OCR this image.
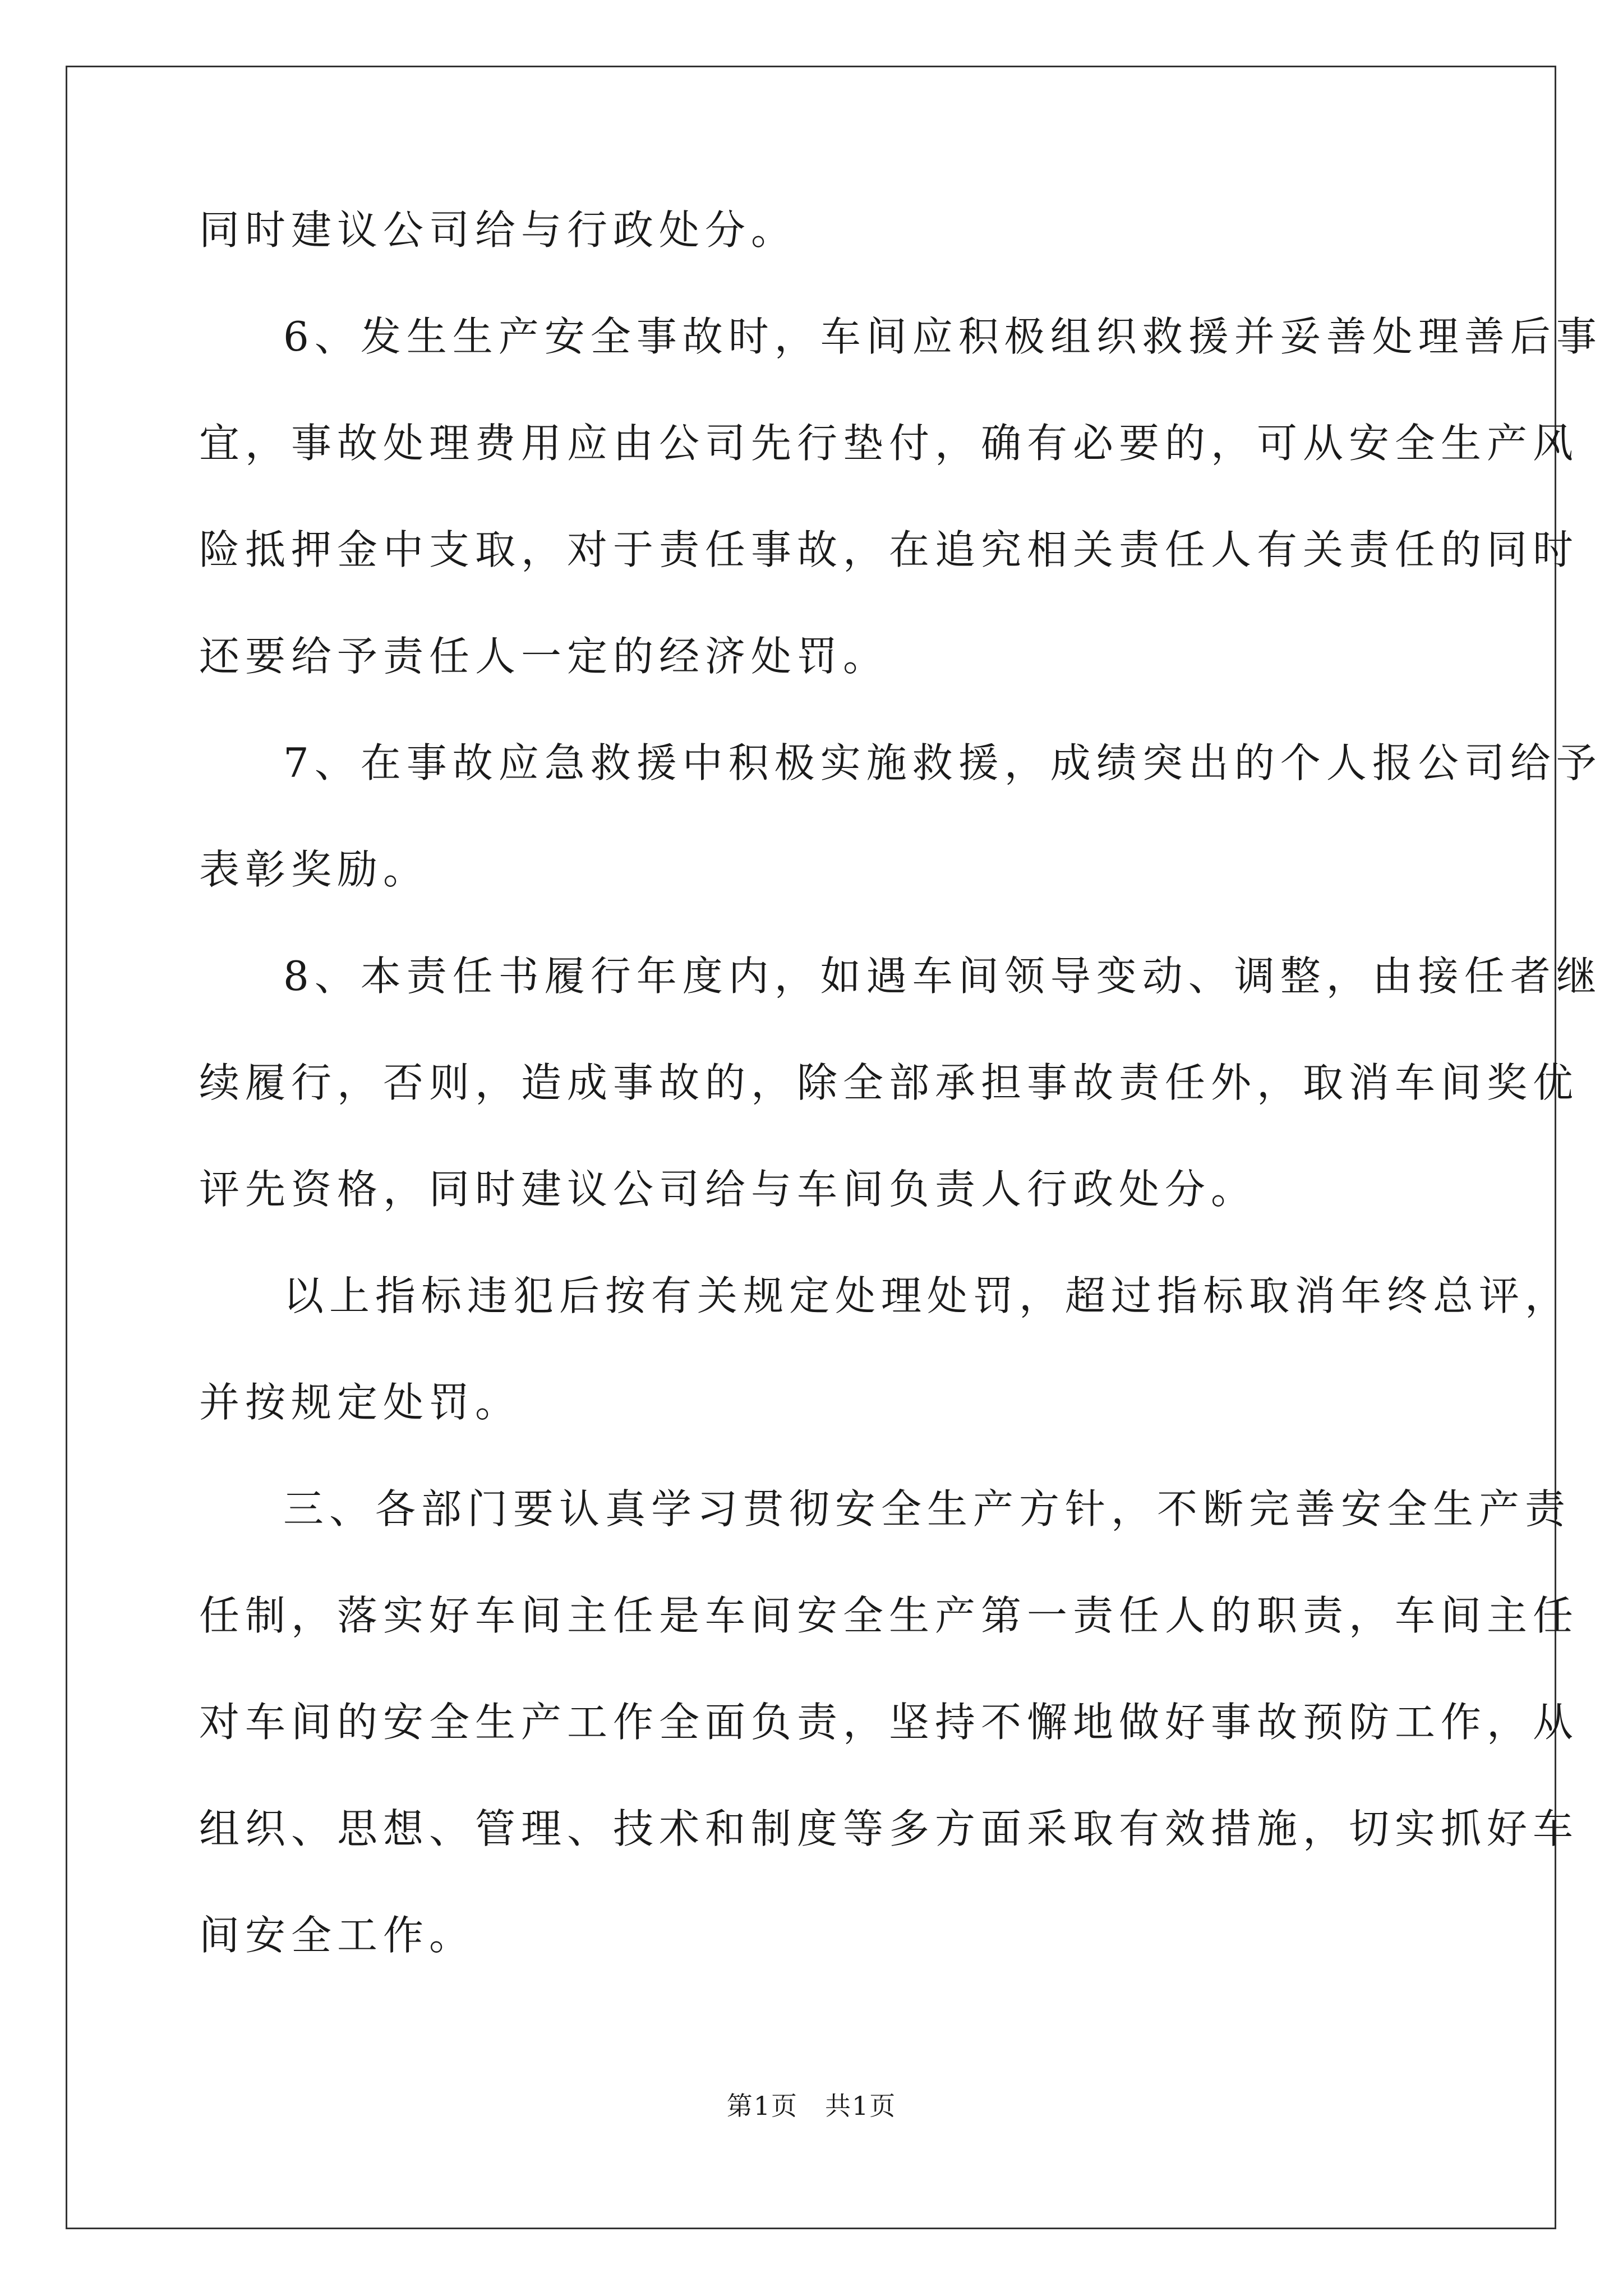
同时建议公司给与行政处分。
6、发生生产安全事故时，车间应积极组织救援并妥善处理善后事
宜，事故处理费用应由公司先行垫付，确有必要的，可从安全生产风
险抵押金中支取，对于责任事故，在追究相关责任人有关责任的同时
还要给予责任人一定的经济处罚。
7、在事故应急救援中积极实施救援，成绩突出的个人报公司给予
表彰奖励。
8、本责任书履行年度内，如遇车间领导变动、调整，由接任者继
续履行，否则，造成事故的，除全部承担事故责任外，取消车间奖优
评先资格，同时建议公司给与车间负责人行政处分。
以上指标违犯后按有关规定处理处罚，超过指标取消年终总评，
并按规定处罚。
三、各部门要认真学习贯彻安全生产方针，不断完善安全生产责
任制，落实好车间主任是车间安全生产第一责任人的职责，车间主任
对车间的安全生产工作全面负责，坚持不懈地做好事故预防工作，从
组织、思想、管理、技术和制度等多方面采取有效措施，切实抓好车
间安全工作。
第1页　共1页
